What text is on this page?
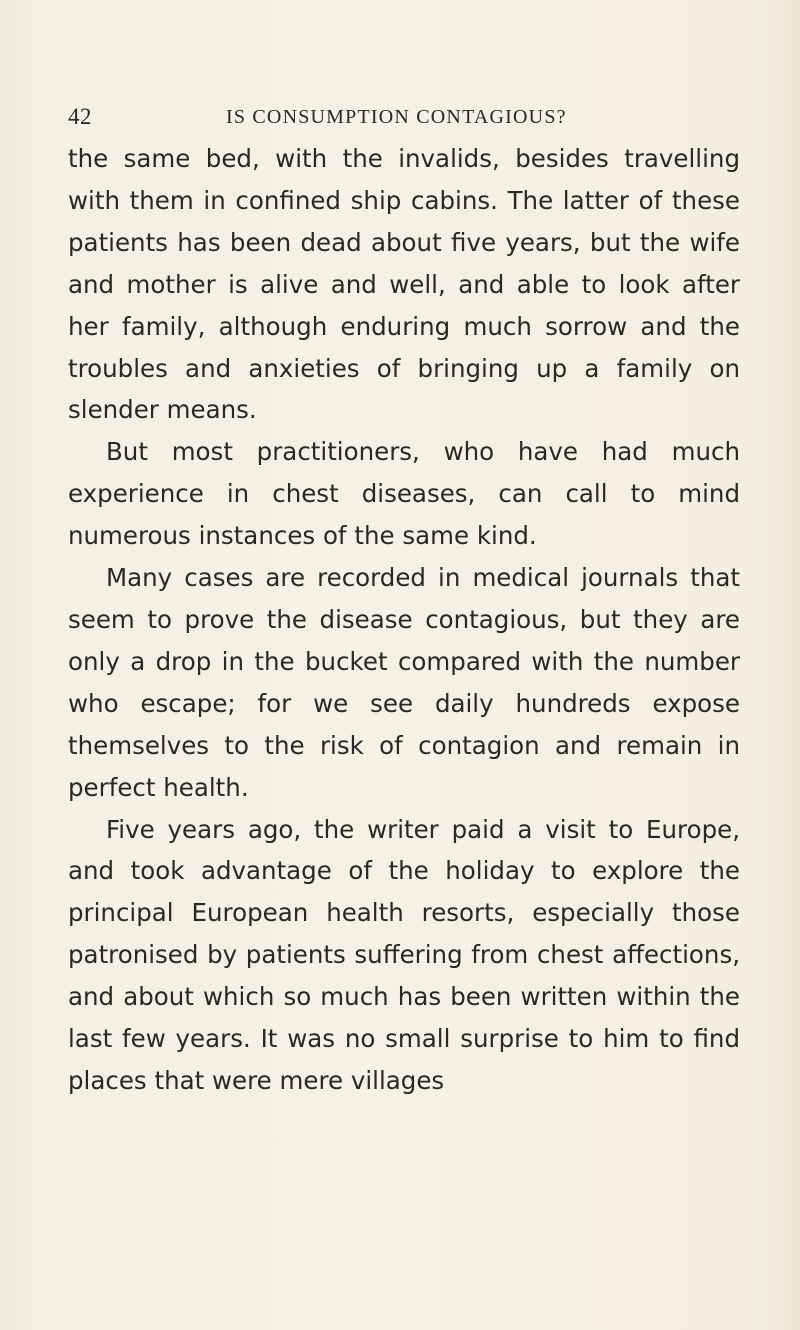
42	IS CONSUMPTION CONTAGIOUS?

the same bed, with the invalids, besides travelling with them in confined ship cabins. The latter of these patients has been dead about five years, but the wife and mother is alive and well, and able to look after her family, although enduring much sorrow and the troubles and anxieties of bringing up a family on slender means.

But most practitioners, who have had much experience in chest diseases, can call to mind numerous instances of the same kind.

Many cases are recorded in medical journals that seem to prove the disease contagious, but they are only a drop in the bucket compared with the number who escape; for we see daily hundreds expose themselves to the risk of contagion and remain in perfect health.

Five years ago, the writer paid a visit to Europe, and took advantage of the holiday to explore the principal European health resorts, especially those patronised by patients suffering from chest affections, and about which so much has been written within the last few years. It was no small surprise to him to find places that were mere villages
